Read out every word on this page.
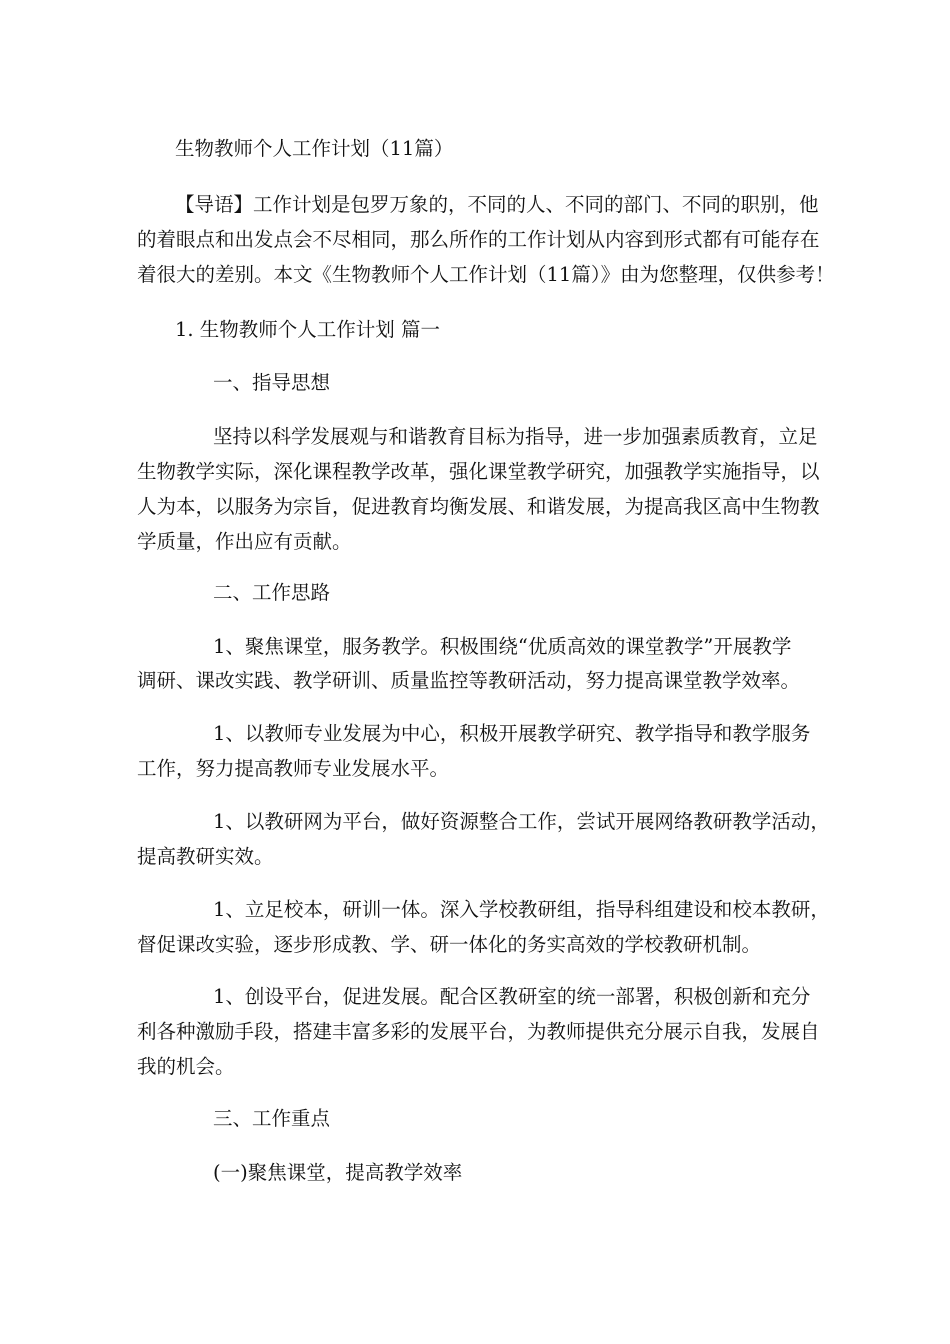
生物教师个人工作计划（11篇）
【导语】工作计划是包罗万象的，不同的人、不同的部门、不同的职别，他
的着眼点和出发点会不尽相同，那么所作的工作计划从内容到形式都有可能存在
着很大的差别。本文《生物教师个人工作计划（11篇）》由为您整理，仅供参考！
1. 生物教师个人工作计划 篇一
一、指导思想
坚持以科学发展观与和谐教育目标为指导，进一步加强素质教育，立足
生物教学实际，深化课程教学改革，强化课堂教学研究，加强教学实施指导，以
人为本，以服务为宗旨，促进教育均衡发展、和谐发展，为提高我区高中生物教
学质量，作出应有贡献。
二、工作思路
1、聚焦课堂，服务教学。积极围绕“优质高效的课堂教学”开展教学
调研、课改实践、教学研训、质量监控等教研活动，努力提高课堂教学效率。
1、以教师专业发展为中心，积极开展教学研究、教学指导和教学服务
工作，努力提高教师专业发展水平。
1、以教研网为平台，做好资源整合工作，尝试开展网络教研教学活动，
提高教研实效。
1、立足校本，研训一体。深入学校教研组，指导科组建设和校本教研，
督促课改实验，逐步形成教、学、研一体化的务实高效的学校教研机制。
1、创设平台，促进发展。配合区教研室的统一部署，积极创新和充分
利各种激励手段，搭建丰富多彩的发展平台，为教师提供充分展示自我，发展自
我的机会。
三、工作重点
(一)聚焦课堂，提高教学效率
